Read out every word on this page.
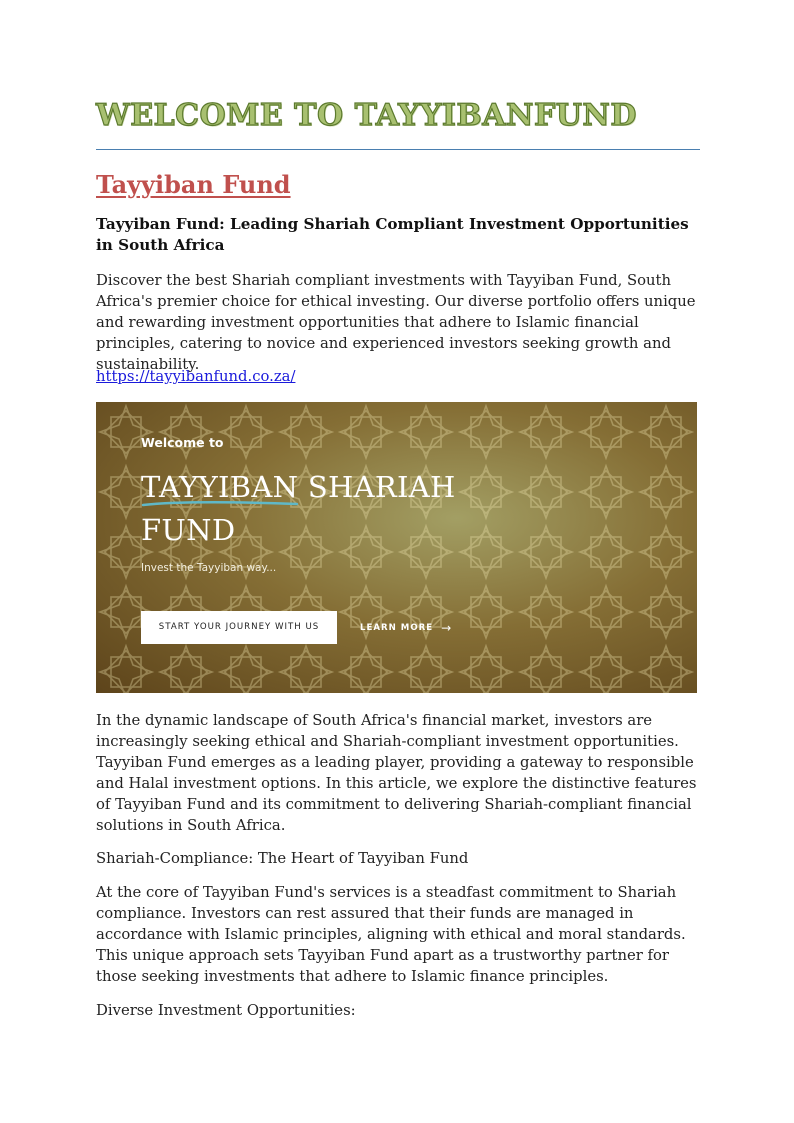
WELCOME TO TAYYIBANFUND
Tayyiban Fund

Tayyiban Fund: Leading Shariah Compliant Investment Opportunities in South Africa

Discover the best Shariah compliant investments with Tayyiban Fund, South Africa's premier choice for ethical investing. Our diverse portfolio offers unique and rewarding investment opportunities that adhere to Islamic financial principles, catering to novice and experienced investors seeking growth and sustainability.

https://tayyibanfund.co.za/

Welcome to

TAYYIBAN SHARIAH
FUND

Invest the Tayyiban way...

START YOUR JOURNEY WITH US	LEARN MORE →

In the dynamic landscape of South Africa's financial market, investors are increasingly seeking ethical and Shariah-compliant investment opportunities. Tayyiban Fund emerges as a leading player, providing a gateway to responsible and Halal investment options. In this article, we explore the distinctive features of Tayyiban Fund and its commitment to delivering Shariah-compliant financial solutions in South Africa.

Shariah-Compliance: The Heart of Tayyiban Fund

At the core of Tayyiban Fund's services is a steadfast commitment to Shariah compliance. Investors can rest assured that their funds are managed in accordance with Islamic principles, aligning with ethical and moral standards. This unique approach sets Tayyiban Fund apart as a trustworthy partner for those seeking investments that adhere to Islamic finance principles.

Diverse Investment Opportunities:
